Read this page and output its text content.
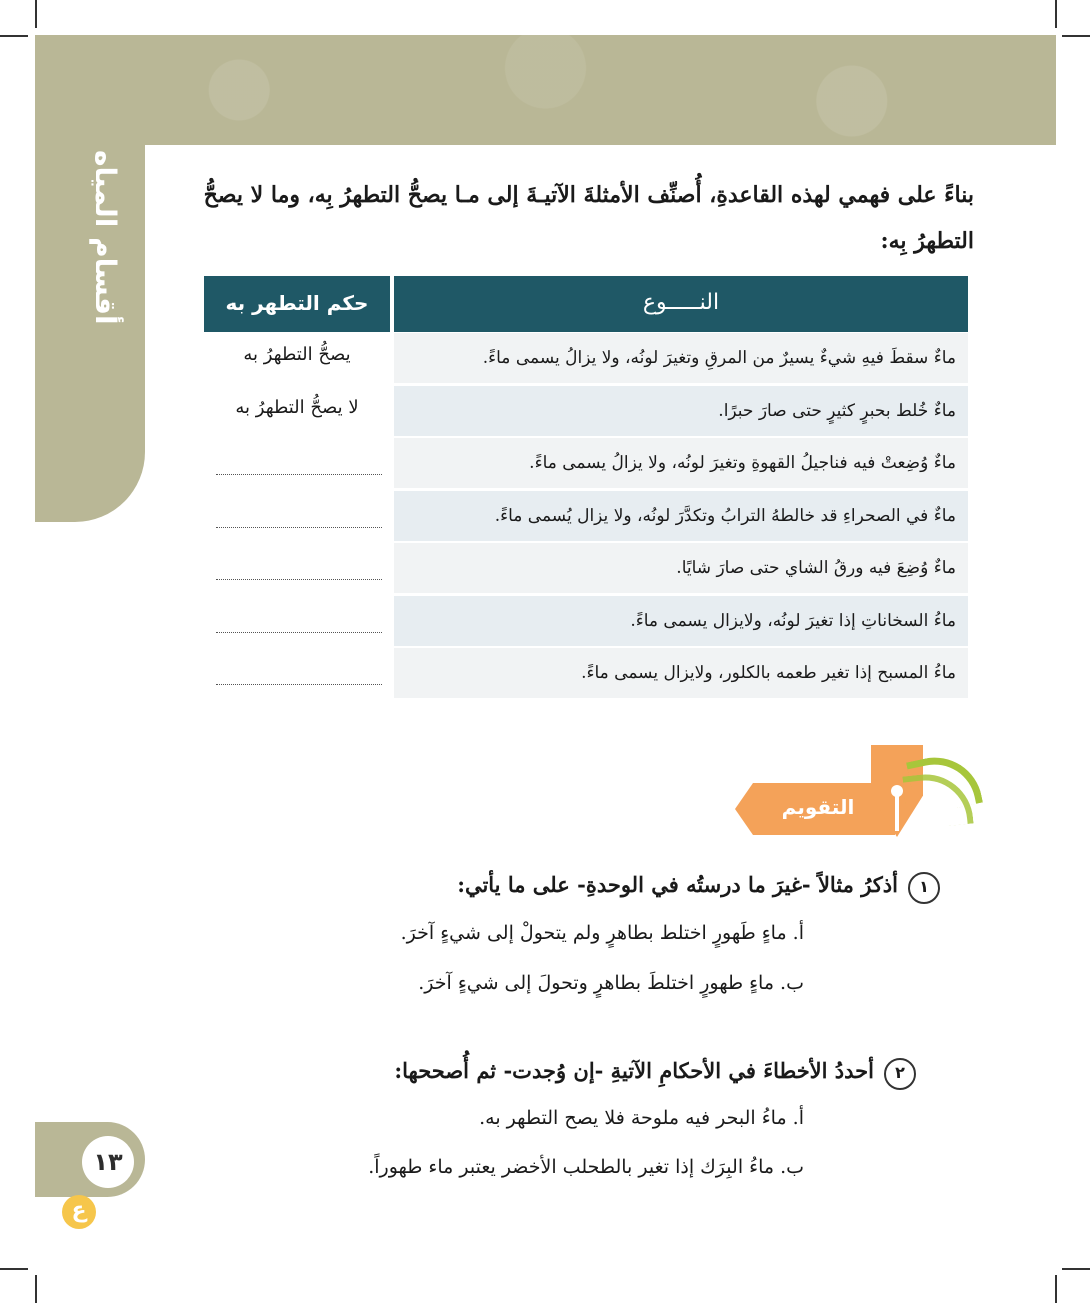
أقسام المياه
١٣
ع

بناءً على فهمي لهذه القاعدةِ، أُصنِّف الأمثلةَ الآتيـةَ إلى مـا يصحُّ التطهرُ بِه، وما لا يصحُّ التطهرُ بِه:

النـــــوع
حكم التطهر به
ماءٌ سقطَ فيهِ شيءٌ يسيرٌ من المرقِ وتغيرَ لونُه، ولا يزالُ يسمى ماءً.
يصحُّ التطهرُ به
ماءٌ خُلط بحبرٍ كثيرٍ حتى صارَ حبرًا.
لا يصحُّ التطهرُ به
ماءٌ وُضِعتْ فيه فناجيلُ القهوةِ وتغيرَ لونُه، ولا يزالُ يسمى ماءً.
ماءٌ في الصحراءِ قد خالطهُ الترابُ وتكدَّرَ لونُه، ولا يزال يُسمى ماءً.
ماءٌ وُضِعَ فيه ورقُ الشاي حتى صارَ شايًا.
ماءُ السخاناتِ إذا تغيرَ لونُه، ولايزال يسمى ماءً.
ماءُ المسبح إذا تغير طعمه بالكلور، ولايزال يسمى ماءً.
التقويم

١أذكرُ مثالاً -غيرَ ما درستُه في الوحدةِ- على ما يأتي:

أ. ماءٍ طَهورٍ اختلط بطاهرٍ ولم يتحولْ إلى شيءٍ آخرَ.

ب. ماءٍ طهورٍ اختلطَ بطاهرٍ وتحولَ إلى شيءٍ آخرَ.

٢أحددُ الأخطاءَ في الأحكامِ الآتيةِ -إن وُجدت- ثم أُصححها:

أ. ماءُ البحر فيه ملوحة فلا يصح التطهر به.

ب. ماءُ البِرَك إذا تغير بالطحلب الأخضر يعتبر ماء طهوراً.
